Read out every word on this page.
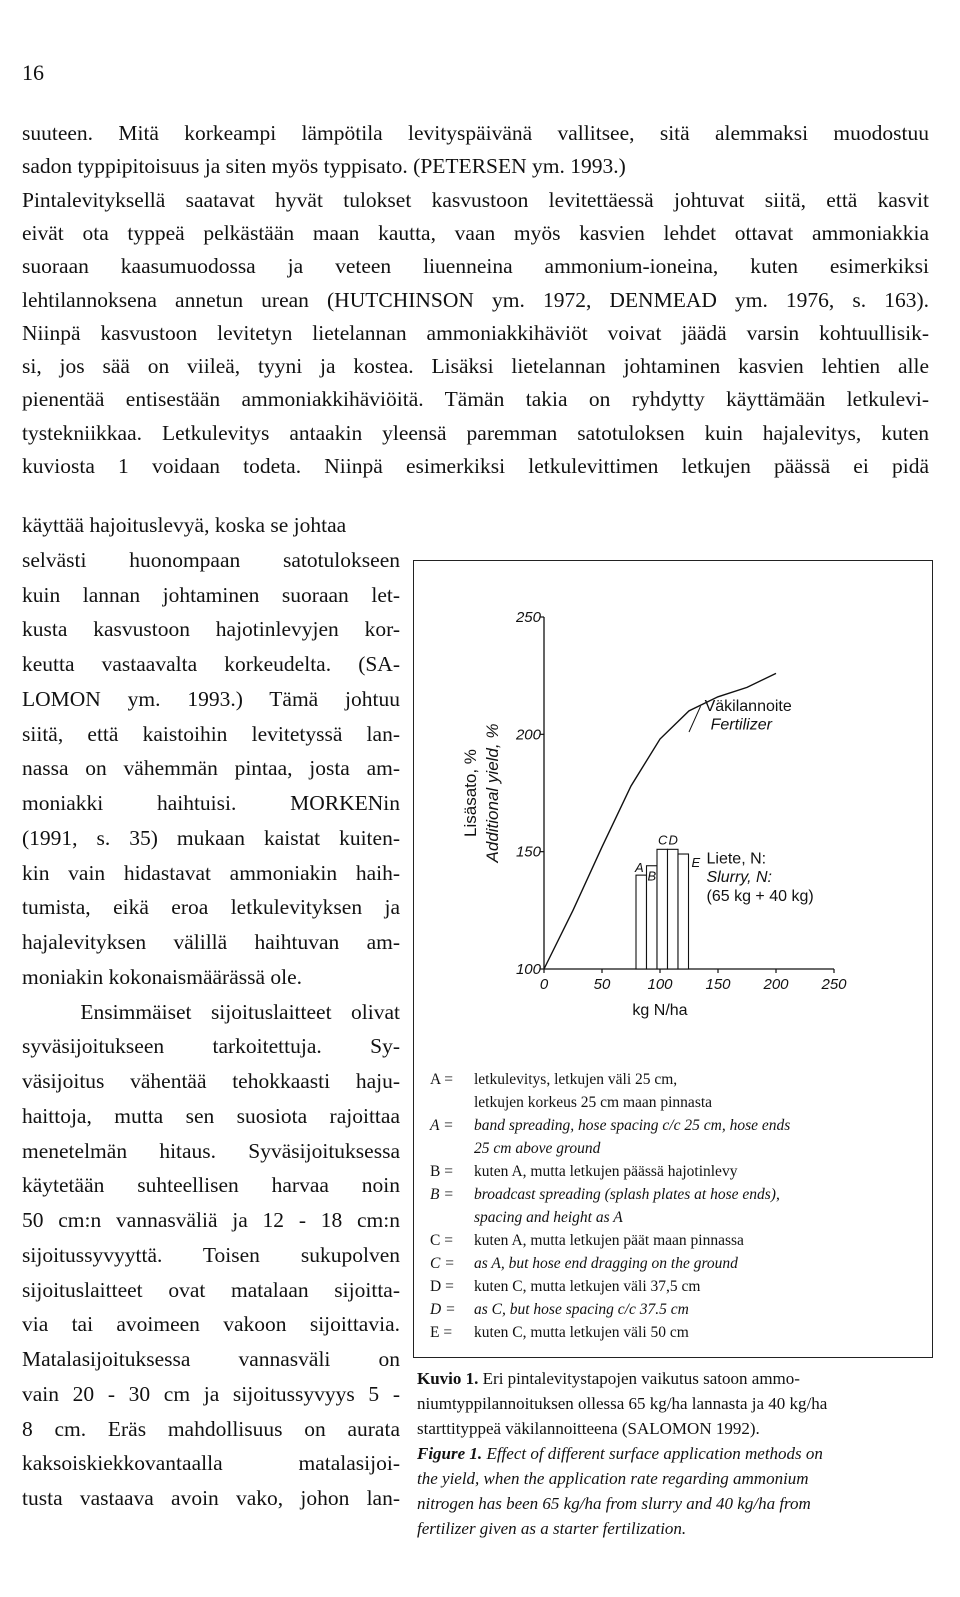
16
suuteen. Mitä korkeampi lämpötila levityspäivänä vallitsee, sitä alemmaksi muodostuu
sadon typpipitoisuus ja siten myös typpisato. (PETERSEN ym. 1993.)
Pintalevityksellä saatavat hyvät tulokset kasvustoon levitettäessä johtuvat siitä, että kasvit
eivät ota typpeä pelkästään maan kautta, vaan myös kasvien lehdet ottavat ammoniakkia
suoraan kaasumuodossa ja veteen liuenneina ammonium-ioneina, kuten esimerkiksi
lehtilannoksena annetun urean (HUTCHINSON ym. 1972, DENMEAD ym. 1976, s. 163).
Niinpä kasvustoon levitetyn lietelannan ammoniakkihäviöt voivat jäädä varsin kohtuullisik-
si, jos sää on viileä, tyyni ja kostea. Lisäksi lietelannan johtaminen kasvien lehtien alle
pienentää entisestään ammoniakkihäviöitä. Tämän takia on ryhdytty käyttämään letkulevi-
tystekniikkaa. Letkulevitys antaakin yleensä paremman satotuloksen kuin hajalevitys, kuten
kuviosta 1 voidaan todeta. Niinpä esimerkiksi letkulevittimen letkujen päässä ei pidä
käyttää hajoituslevyä, koska se johtaa
selvästi huonompaan satotulokseen
kuin lannan johtaminen suoraan let-
kusta kasvustoon hajotinlevyjen kor-
keutta vastaavalta korkeudelta. (SA-
LOMON ym. 1993.) Tämä johtuu
siitä, että kaistoihin levitetyssä lan-
nassa on vähemmän pintaa, josta am-
moniakki haihtuisi. MORKENin
(1991, s. 35) mukaan kaistat kuiten-
kin vain hidastavat ammoniakin haih-
tumista, eikä eroa letkulevityksen ja
hajalevityksen välillä haihtuvan am-
moniakin kokonaismäärässä ole.
Ensimmäiset sijoituslaitteet olivat
syväsijoitukseen tarkoitettuja. Sy-
väsijoitus vähentää tehokkaasti haju-
haittoja, mutta sen suosiota rajoittaa
menetelmän hitaus. Syväsijoituksessa
käytetään suhteellisen harvaa noin
50 cm:n vannasväliä ja 12 - 18 cm:n
sijoitussyvyyttä. Toisen sukupolven
sijoituslaitteet ovat matalaan sijoitta-
via tai avoimeen vakoon sijoittavia.
Matalasijoituksessa vannasväli on
vain 20 - 30 cm ja sijoitussyvyys 5 -
8 cm. Eräs mahdollisuus on aurata
kaksoiskiekkovantaalla matalasijoi-
tusta vastaava avoin vako, johon lan-
100
150
200
250
0	50 100 150 200 250
kg N/ha
Lisäsato, % Additional yield, %
Väkilannoite
Fertilizer
A
B
C D
E Liete, N:
Slurry, N:
(65 kg + 40 kg)
A =	letkulevitys, letkujen väli 25 cm,
letkujen korkeus 25 cm maan pinnasta
A =	band spreading, hose spacing c/c 25 cm, hose ends
25 cm above ground
B =	kuten A, mutta letkujen päässä hajotinlevy
B =	broadcast spreading (splash plates at hose ends),
spacing and height as A
C =	kuten A, mutta letkujen päät maan pinnassa
C =	as A, but hose end dragging on the ground
D =	kuten C, mutta letkujen väli 37,5 cm
D =	as C, but hose spacing c/c 37.5 cm
E =	kuten C, mutta letkujen väli 50 cm
Kuvio 1. Eri pintalevitystapojen vaikutus satoon ammo-
niumtyppilannoituksen ollessa 65 kg/ha lannasta ja 40 kg/ha
starttityppeä väkilannoitteena (SALOMON 1992).
Figure 1. Effect of different surface application methods on
the yield, when the application rate regarding ammonium
nitrogen has been 65 kg/ha from slurry and 40 kg/ha from
fertilizer given as a starter fertilization.
